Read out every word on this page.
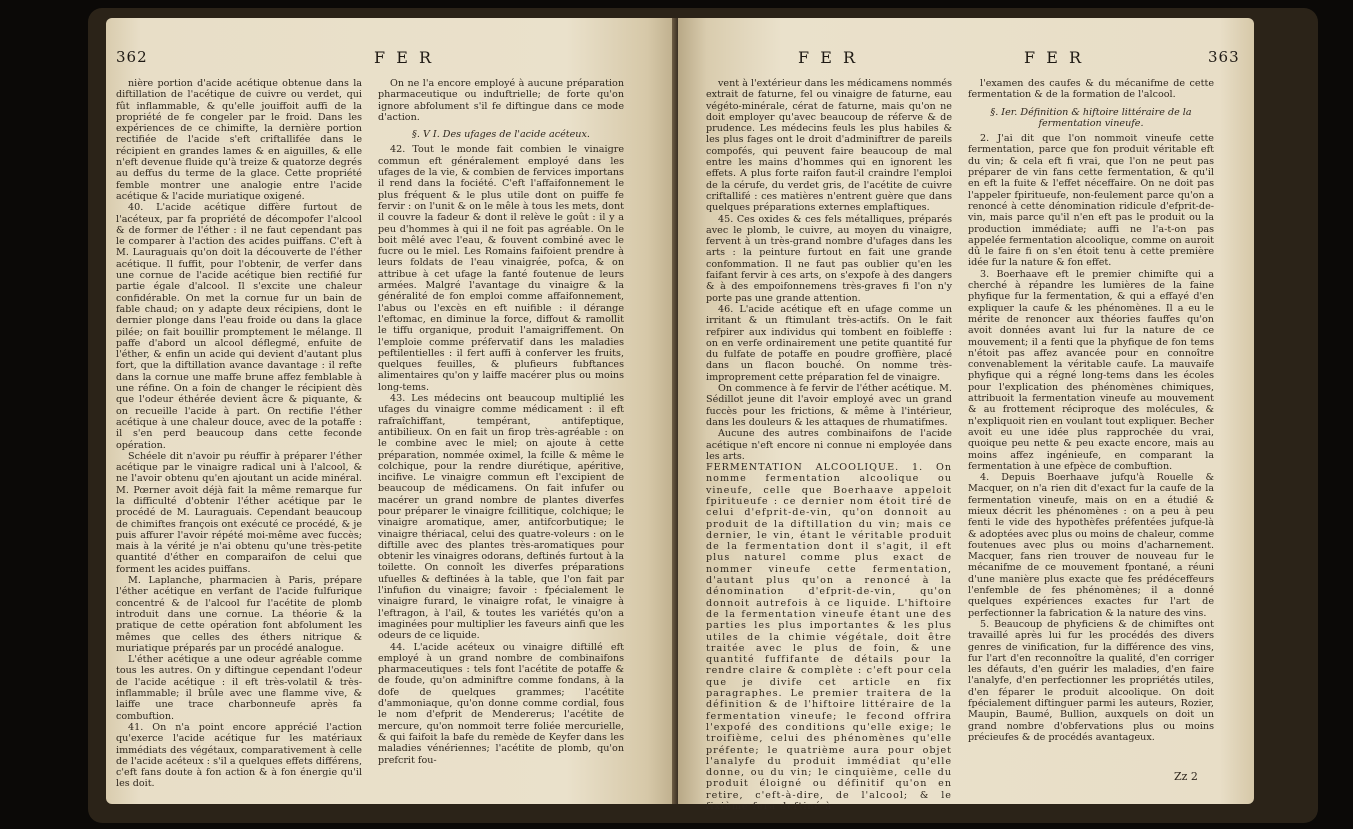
362	F E R

nière portion d'acide acétique obtenue dans la diftillation de l'acétique de cuivre ou verdet, qui fût inflammable, & qu'elle jouiffoit auffi de la propriété de fe congeler par le froid. Dans les expériences de ce chimifte, la dernière portion rectifiée de l'acide s'eft criftallifée dans le récipient en grandes lames & en aiguilles, & elle n'eft devenue fluide qu'à treize & quatorze degrés au deffus du terme de la glace. Cette propriété femble montrer une analogie entre l'acide acétique & l'acide muriatique oxigené.

40. L'acide acétique diffère furtout de l'acéteux, par fa propriété de décompofer l'alcool & de former de l'éther : il ne faut cependant pas le comparer à l'action des acides puiffans. C'eft à M. Lauraguais qu'on doit la découverte de l'éther acétique. Il fuffit, pour l'obtenir, de verfer dans une cornue de l'acide acétique bien rectifié fur partie égale d'alcool. Il s'excite une chaleur confidérable. On met la cornue fur un bain de fable chaud; on y adapte deux récipiens, dont le dernier plonge dans l'eau froide ou dans la glace pilée; on fait bouillir promptement le mélange. Il paffe d'abord un alcool déflegmé, enfuite de l'éther, & enfin un acide qui devient d'autant plus fort, que la diftillation avance davantage : il refte dans la cornue une maffe brune affez femblable à une réfine. On a foin de changer le récipient dès que l'odeur éthérée devient âcre & piquante, & on recueille l'acide à part. On rectifie l'éther acétique à une chaleur douce, avec de la potaffe : il s'en perd beaucoup dans cette feconde opération.

Schéele dit n'avoir pu réuffir à préparer l'éther acétique par le vinaigre radical uni à l'alcool, & ne l'avoir obtenu qu'en ajoutant un acide minéral. M. Pœrner avoit déjà fait la même remarque fur la difficulté d'obtenir l'éther acétique par le procédé de M. Lauraguais. Cependant beaucoup de chimiftes françois ont exécuté ce procédé, & je puis affurer l'avoir répété moi-même avec fuccès; mais à la vérité je n'ai obtenu qu'une très-petite quantité d'éther en comparaifon de celui que forment les acides puiffans.

M. Laplanche, pharmacien à Paris, prépare l'éther acétique en verfant de l'acide fulfurique concentré & de l'alcool fur l'acétite de plomb introduit dans une cornue. La théorie & la pratique de cette opération font abfolument les mêmes que celles des éthers nitrique & muriatique préparés par un procédé analogue.

L'éther acétique a une odeur agréable comme tous les autres. On y diftingue cependant l'odeur de l'acide acétique : il eft très-volatil & très-inflammable; il brûle avec une flamme vive, & laiffe une trace charbonneufe après fa combuftion.

41. On n'a point encore apprécié l'action qu'exerce l'acide acétique fur les matériaux immédiats des végétaux, comparativement à celle de l'acide acéteux : s'il a quelques effets différens, c'eft fans doute à fon action & à fon énergie qu'il les doit.

On ne l'a encore employé à aucune préparation pharmaceutique ou induftrielle; de forte qu'on ignore abfolument s'il fe diftingue dans ce mode d'action.

§. V I. Des ufages de l'acide acéteux.

42. Tout le monde fait combien le vinaigre commun eft généralement employé dans les ufages de la vie, & combien de fervices importans il rend dans la fociété. C'eft l'affaifonnement le plus fréquent & le plus utile dont on puiffe fe fervir : on l'unit & on le mêle à tous les mets, dont il couvre la fadeur & dont il relève le goût : il y a peu d'hommes à qui il ne foit pas agréable. On le boit mêlé avec l'eau, & fouvent combiné avec le fucre ou le miel. Les Romains faifoient prendre à leurs foldats de l'eau vinaigrée, pofca, & on attribue à cet ufage la fanté foutenue de leurs armées. Malgré l'avantage du vinaigre & la généralité de fon emploi comme affaifonnement, l'abus ou l'excès en eft nuifible : il dérange l'eftomac, en diminue la force, diffout & ramollit le tiffu organique, produit l'amaigriffement. On l'emploie comme préfervatif dans les maladies peftilentielles : il fert auffi à conferver les fruits, quelques feuilles, & plufieurs fubftances alimentaires qu'on y laiffe macérer plus ou moins long-tems.

43. Les médecins ont beaucoup multiplié les ufages du vinaigre comme médicament : il eft rafraîchiffant, tempérant, antifeptique, antibilieux. On en fait un firop très-agréable : on le combine avec le miel; on ajoute à cette préparation, nommée oximel, la fcille & même le colchique, pour la rendre diurétique, apéritive, incifive. Le vinaigre commun eft l'excipient de beaucoup de médicamens. On fait infufer ou macérer un grand nombre de plantes diverfes pour préparer le vinaigre fcillitique, colchique; le vinaigre aromatique, amer, antifcorbutique; le vinaigre thériacal, celui des quatre-voleurs : on le diftille avec des plantes très-aromatiques pour obtenir les vinaigres odorans, deftinés furtout à la toilette. On connoît les diverfes préparations ufuelles & deftinées à la table, que l'on fait par l'infufion du vinaigre; favoir : fpécialement le vinaigre furard, le vinaigre rofat, le vinaigre à l'eftragon, à l'ail, & toutes les variétés qu'on a imaginées pour multiplier les faveurs ainfi que les odeurs de ce liquide.

44. L'acide acéteux ou vinaigre diftillé eft employé à un grand nombre de combinaifons pharmaceutiques : tels font l'acétite de potaffe & de foude, qu'on adminiftre comme fondans, à la dofe de quelques grammes; l'acétite d'ammoniaque, qu'on donne comme cordial, fous le nom d'efprit de Mendererus; l'acétite de mercure, qu'on nommoit terre foliée mercurielle, & qui faifoit la bafe du remède de Keyfer dans les maladies vénériennes; l'acétite de plomb, qu'on prefcrit fou-

F E R	F E R	363

vent à l'extérieur dans les médicamens nommés extrait de faturne, fel ou vinaigre de faturne, eau végéto-minérale, cérat de faturne, mais qu'on ne doit employer qu'avec beaucoup de réferve & de prudence. Les médecins feuls les plus habiles & les plus fages ont le droit d'adminiftrer de pareils compofés, qui peuvent faire beaucoup de mal entre les mains d'hommes qui en ignorent les effets. A plus forte raifon faut-il craindre l'emploi de la cérufe, du verdet gris, de l'acétite de cuivre criftallifé : ces matières n'entrent guère que dans quelques préparations externes emplaftiques.

45. Ces oxides & ces fels métalliques, préparés avec le plomb, le cuivre, au moyen du vinaigre, fervent à un très-grand nombre d'ufages dans les arts : la peinture furtout en fait une grande confommation. Il ne faut pas oublier qu'en les faifant fervir à ces arts, on s'expofe à des dangers & à des empoifonnemens très-graves fi l'on n'y porte pas une grande attention.

46. L'acide acétique eft en ufage comme un irritant & un ftimulant très-actifs. On le fait refpirer aux individus qui tombent en foibleffe : on en verfe ordinairement une petite quantité fur du fulfate de potaffe en poudre groffière, placé dans un flacon bouché. On nomme très-improprement cette préparation fel de vinaigre.

On commence à fe fervir de l'éther acétique. M. Sédillot jeune dit l'avoir employé avec un grand fuccès pour les frictions, & même à l'intérieur, dans les douleurs & les attaques de rhumatifmes.

Aucune des autres combinaifons de l'acide acétique n'eft encore ni connue ni employée dans les arts.

FERMENTATION ALCOOLIQUE. 1. On nomme fermentation alcoolique ou vineufe, celle que Boerhaave appeloit fpiritueufe : ce dernier nom étoit tiré de celui d'efprit-de-vin, qu'on donnoit au produit de la diftillation du vin; mais ce dernier, le vin, étant le véritable produit de la fermentation dont il s'agit, il eft plus naturel comme plus exact de nommer vineufe cette fermentation, d'autant plus qu'on a renoncé à la dénomination d'efprit-de-vin, qu'on donnoit autrefois à ce liquide. L'hiftoire de la fermentation vineufe étant une des parties les plus importantes & les plus utiles de la chimie végétale, doit être traitée avec le plus de foin, & une quantité fuffifante de détails pour la rendre claire & complète : c'eft pour cela que je divife cet article en fix paragraphes. Le premier traitera de la définition & de l'hiftoire littéraire de la fermentation vineufe; le fecond offrira l'expofé des conditions qu'elle exige; le troifième, celui des phénomènes qu'elle préfente; le quatrième aura pour objet l'analyfe du produit immédiat qu'elle donne, ou du vin; le cinquième, celle du produit éloigné ou définitif qu'on en retire, c'eft-à-dire, de l'alcool; & le fixième fera deftiné à

l'examen des caufes & du mécanifme de cette fermentation & de la formation de l'alcool.

§. Ier. Définition & hiftoire littéraire de la fermentation vineufe.

2. J'ai dit que l'on nommoit vineufe cette fermentation, parce que fon produit véritable eft du vin; & cela eft fi vrai, que l'on ne peut pas préparer de vin fans cette fermentation, & qu'il en eft la fuite & l'effet néceffaire. On ne doit pas l'appeler fpiritueufe, non-feulement parce qu'on a renoncé à cette dénomination ridicule d'efprit-de-vin, mais parce qu'il n'en eft pas le produit ou la production immédiate; auffi ne l'a-t-on pas appelée fermentation alcoolique, comme on auroit dû le faire fi on s'en étoit tenu à cette première idée fur la nature & fon effet.

3. Boerhaave eft le premier chimifte qui a cherché à répandre les lumières de la faine phyfique fur la fermentation, & qui a effayé d'en expliquer la caufe & les phénomènes. Il a eu le mérite de renoncer aux théories fauffes qu'on avoit données avant lui fur la nature de ce mouvement; il a fenti que la phyfique de fon tems n'étoit pas affez avancée pour en connoître convenablement la véritable caufe. La mauvaife phyfique qui a régné long-tems dans les écoles pour l'explication des phénomènes chimiques, attribuoit la fermentation vineufe au mouvement & au frottement réciproque des molécules, & n'expliquoit rien en voulant tout expliquer. Becher avoit eu une idée plus rapprochée du vrai, quoique peu nette & peu exacte encore, mais au moins affez ingénieufe, en comparant la fermentation à une efpèce de combuftion.

4. Depuis Boerhaave jufqu'à Rouelle & Macquer, on n'a rien dit d'exact fur la caufe de la fermentation vineufe, mais on en a étudié & mieux décrit les phénomènes : on a peu à peu fenti le vide des hypothèfes préfentées jufque-là & adoptées avec plus ou moins de chaleur, comme foutenues avec plus ou moins d'acharnement. Macquer, fans rien trouver de nouveau fur le mécanifme de ce mouvement fpontané, a réuni d'une manière plus exacte que fes prédéceffeurs l'enfemble de fes phénomènes; il a donné quelques expériences exactes fur l'art de perfectionner la fabrication & la nature des vins.

5. Beaucoup de phyficiens & de chimiftes ont travaillé après lui fur les procédés des divers genres de vinification, fur la différence des vins, fur l'art d'en reconnoître la qualité, d'en corriger les défauts, d'en guérir les maladies, d'en faire l'analyfe, d'en perfectionner les propriétés utiles, d'en féparer le produit alcoolique. On doit fpécialement diftinguer parmi les auteurs, Rozier, Maupin, Baumé, Bullion, auxquels on doit un grand nombre d'obfervations plus ou moins précieufes & de procédés avantageux.

Zz 2
